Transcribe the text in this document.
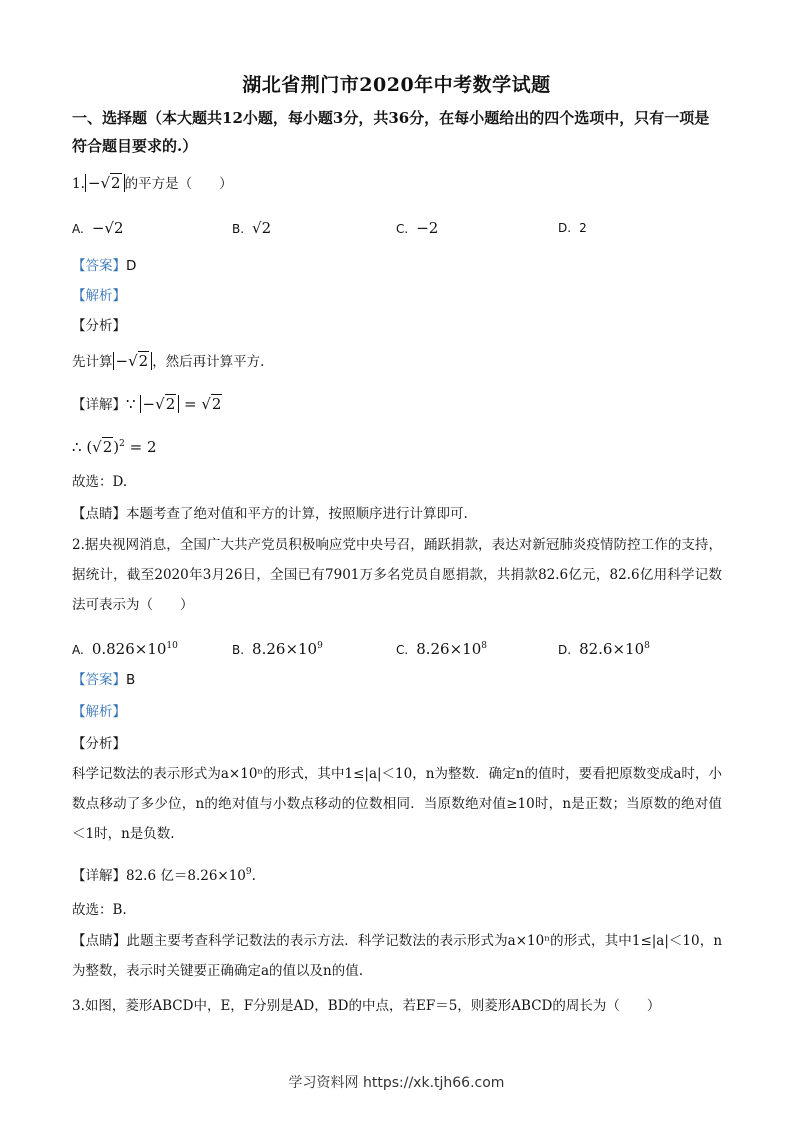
湖北省荆门市2020年中考数学试题
一、选择题（本大题共12小题，每小题3分，共36分，在每小题给出的四个选项中，只有一项是符合题目要求的.）
1. −√2 的平方是（　　）
A. −√2	B. √2	C. −2	D. 2
【答案】D
【解析】
【分析】
先计算 −√2 ，然后再计算平方.
【详解】∵ −√2 = √2
∴ $(√2)^2 = 2$
故选：D.
【点睛】本题考查了绝对值和平方的计算，按照顺序进行计算即可.
2.据央视网消息，全国广大共产党员积极响应党中央号召，踊跃捐款，表达对新冠肺炎疫情防控工作的支持，据统计，截至2020年3月26日，全国已有7901万多名党员自愿捐款，共捐款82.6亿元，82.6亿用科学记数法可表示为（　　）
A. $0.826\times 10^{10}$	B. $8.26\times 10^9$	C. $8.26\times 10^8$	D. $82.6\times 10^8$
【答案】B
【解析】
【分析】
科学记数法的表示形式为a×10ⁿ的形式，其中1≤|a|＜10，n为整数．确定n的值时，要看把原数变成a时，小数点移动了多少位，n的绝对值与小数点移动的位数相同．当原数绝对值≥10时，n是正数；当原数的绝对值＜1时，n是负数.
【详解】82.6 亿$=8.26\times 10^9$.
故选：B.
【点睛】此题主要考查科学记数法的表示方法．科学记数法的表示形式为a×10ⁿ的形式，其中1≤|a|＜10，n为整数，表示时关键要正确确定a的值以及n的值.
3.如图，菱形ABCD中，E，F分别是AD，BD的中点，若EF＝5，则菱形ABCD的周长为（　　）
学习资料网 https://xk.tjh66.com
